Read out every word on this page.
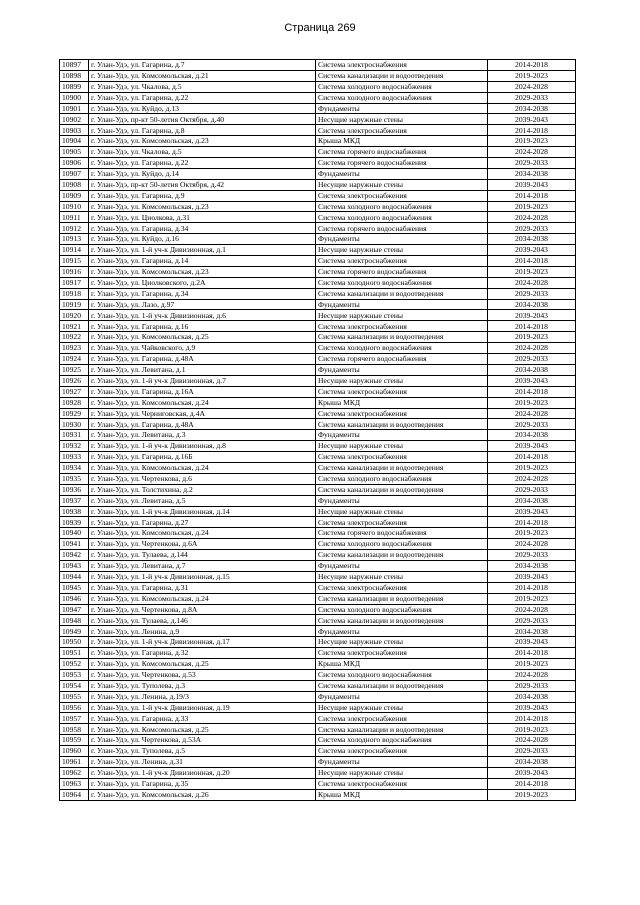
Страница 269
10897	г. Улан-Удэ, ул. Гагарина, д.7	Система электроснабжения	2014-2018
10898	г. Улан-Удэ, ул. Комсомольская, д.21	Система канализации и водоотведения	2019-2023
10899	г. Улан-Удэ, ул. Чкалова, д.5	Система холодного водоснабжения	2024-2028
10900	г. Улан-Удэ, ул. Гагарина, д.22	Система холодного водоснабжения	2029-2033
10901	г. Улан-Удэ, ул. Куйдо, д.13	Фундаменты	2034-2038
10902	г. Улан-Удэ, пр-кт 50-летия Октября, д.40	Несущие наружные стены	2039-2043
10903	г. Улан-Удэ, ул. Гагарина, д.8	Система электроснабжения	2014-2018
10904	г. Улан-Удэ, ул. Комсомольская, д.23	Крыша МКД	2019-2023
10905	г. Улан-Удэ, ул. Чкалова, д.5	Система горячего водоснабжения	2024-2028
10906	г. Улан-Удэ, ул. Гагарина, д.22	Система горячего водоснабжения	2029-2033
10907	г. Улан-Удэ, ул. Куйдо, д.14	Фундаменты	2034-2038
10908	г. Улан-Удэ, пр-кт 50-летия Октября, д.42	Несущие наружные стены	2039-2043
10909	г. Улан-Удэ, ул. Гагарина, д.9	Система электроснабжения	2014-2018
10910	г. Улан-Удэ, ул. Комсомольская, д.23	Система холодного водоснабжения	2019-2023
10911	г. Улан-Удэ, ул. Циолкова, д.31	Система холодного водоснабжения	2024-2028
10912	г. Улан-Удэ, ул. Гагарина, д.34	Система горячего водоснабжения	2029-2033
10913	г. Улан-Удэ, ул. Куйдо, д.16	Фундаменты	2034-2038
10914	г. Улан-Удэ, ул. 1-й уч-к Дивизионная, д.1	Несущие наружные стены	2039-2043
10915	г. Улан-Удэ, ул. Гагарина, д.14	Система электроснабжения	2014-2018
10916	г. Улан-Удэ, ул. Комсомольская, д.23	Система горячего водоснабжения	2019-2023
10917	г. Улан-Удэ, ул. Циолковского, д.2А	Система холодного водоснабжения	2024-2028
10918	г. Улан-Удэ, ул. Гагарина, д.34	Система канализации и водоотведения	2029-2033
10919	г. Улан-Удэ, ул. Лазо, д.97	Фундаменты	2034-2038
10920	г. Улан-Удэ, ул. 1-й уч-к Дивизионная, д.6	Несущие наружные стены	2039-2043
10921	г. Улан-Удэ, ул. Гагарина, д.16	Система электроснабжения	2014-2018
10922	г. Улан-Удэ, ул. Комсомольская, д.25	Система канализации и водоотведения	2019-2023
10923	г. Улан-Удэ, ул. Чайковского, д.9	Система холодного водоснабжения	2024-2028
10924	г. Улан-Удэ, ул. Гагарина, д.48А	Система горячего водоснабжения	2029-2033
10925	г. Улан-Удэ, ул. Левитана, д.1	Фундаменты	2034-2038
10926	г. Улан-Удэ, ул. 1-й уч-к Дивизионная, д.7	Несущие наружные стены	2039-2043
10927	г. Улан-Удэ, ул. Гагарина, д.16А	Система электроснабжения	2014-2018
10928	г. Улан-Удэ, ул. Комсомольская, д.24	Крыша МКД	2019-2023
10929	г. Улан-Удэ, ул. Черниговская, д.4А	Система электроснабжения	2024-2028
10930	г. Улан-Удэ, ул. Гагарина, д.48А	Система канализации и водоотведения	2029-2033
10931	г. Улан-Удэ, ул. Левитана, д.3	Фундаменты	2034-2038
10932	г. Улан-Удэ, ул. 1-й уч-к Дивизионная, д.8	Несущие наружные стены	2039-2043
10933	г. Улан-Удэ, ул. Гагарина, д.16Б	Система электроснабжения	2014-2018
10934	г. Улан-Удэ, ул. Комсомольская, д.24	Система канализации и водоотведения	2019-2023
10935	г. Улан-Удэ, ул. Чертенкова, д.6	Система холодного водоснабжения	2024-2028
10936	г. Улан-Удэ, ул. Толстихина, д.2	Система канализации и водоотведения	2029-2033
10937	г. Улан-Удэ, ул. Левитана, д.5	Фундаменты	2034-2038
10938	г. Улан-Удэ, ул. 1-й уч-к Дивизионная, д.14	Несущие наружные стены	2039-2043
10939	г. Улан-Удэ, ул. Гагарина, д.27	Система электроснабжения	2014-2018
10940	г. Улан-Удэ, ул. Комсомольская, д.24	Система горячего водоснабжения	2019-2023
10941	г. Улан-Удэ, ул. Чертенкова, д.6А	Система холодного водоснабжения	2024-2028
10942	г. Улан-Удэ, ул. Тулаева, д.144	Система канализации и водоотведения	2029-2033
10943	г. Улан-Удэ, ул. Левитана, д.7	Фундаменты	2034-2038
10944	г. Улан-Удэ, ул. 1-й уч-к Дивизионная, д.15	Несущие наружные стены	2039-2043
10945	г. Улан-Удэ, ул. Гагарина, д.31	Система электроснабжения	2014-2018
10946	г. Улан-Удэ, ул. Комсомольская, д.24	Система канализации и водоотведения	2019-2023
10947	г. Улан-Удэ, ул. Чертенкова, д.8А	Система холодного водоснабжения	2024-2028
10948	г. Улан-Удэ, ул. Тулаева, д.146	Система канализации и водоотведения	2029-2033
10949	г. Улан-Удэ, ул. Ленина, д.9	Фундаменты	2034-2038
10950	г. Улан-Удэ, ул. 1-й уч-к Дивизионная, д.17	Несущие наружные стены	2039-2043
10951	г. Улан-Удэ, ул. Гагарина, д.32	Система электроснабжения	2014-2018
10952	г. Улан-Удэ, ул. Комсомольская, д.25	Крыша МКД	2019-2023
10953	г. Улан-Удэ, ул. Чертенкова, д.53	Система холодного водоснабжения	2024-2028
10954	г. Улан-Удэ, ул. Туполева, д.3	Система канализации и водоотведения	2029-2033
10955	г. Улан-Удэ, ул. Ленина, д.19/3	Фундаменты	2034-2038
10956	г. Улан-Удэ, ул. 1-й уч-к Дивизионная, д.19	Несущие наружные стены	2039-2043
10957	г. Улан-Удэ, ул. Гагарина, д.33	Система электроснабжения	2014-2018
10958	г. Улан-Удэ, ул. Комсомольская, д.25	Система канализации и водоотведения	2019-2023
10959	г. Улан-Удэ, ул. Чертенкова, д.53А	Система холодного водоснабжения	2024-2028
10960	г. Улан-Удэ, ул. Туполева, д.5	Система электроснабжения	2029-2033
10961	г. Улан-Удэ, ул. Ленина, д.31	Фундаменты	2034-2038
10962	г. Улан-Удэ, ул. 1-й уч-к Дивизионная, д.20	Несущие наружные стены	2039-2043
10963	г. Улан-Удэ, ул. Гагарина, д.35	Система электроснабжения	2014-2018
10964	г. Улан-Удэ, ул. Комсомольская, д.26	Крыша МКД	2019-2023
